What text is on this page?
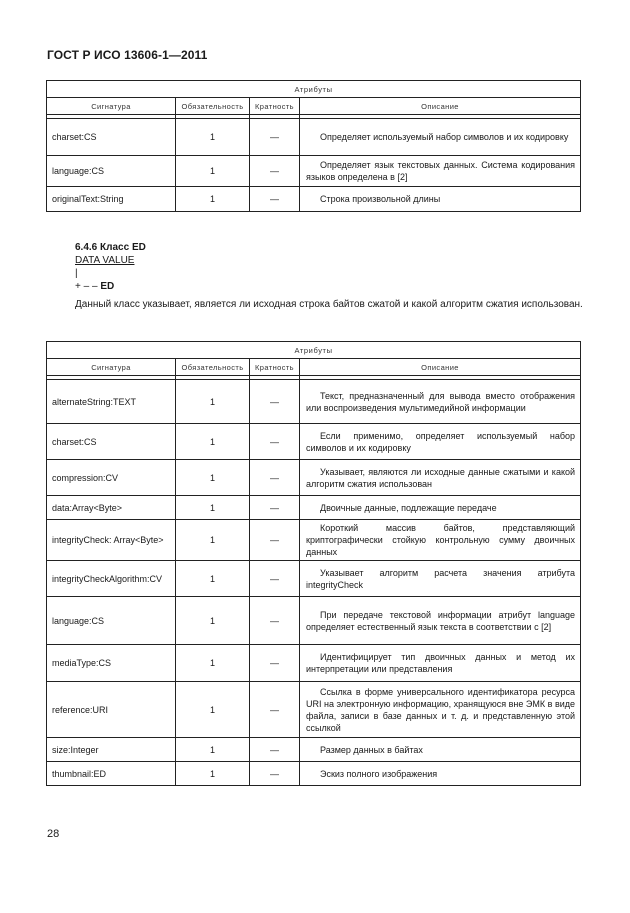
ГОСТ Р ИСО 13606-1—2011
Атрибуты			
Сигнатура	Обязательность	Кратность	Описание

charset:CS	1	—	Определяет используемый набор символов и их кодировку
language:CS	1	—	Определяет язык текстовых данных. Система кодирования языков определена в [2]
originalText:String	1	—	Строка произвольной длины
6.4.6 Класс ED
DATA VALUE
|
+ – – ED
Данный класс указывает, является ли исходная строка байтов сжатой и какой алгоритм сжатия использован.
Атрибуты			
Сигнатура	Обязательность	Кратность	Описание

alternateString:TEXT	1	—	Текст, предназначенный для вывода вместо отображения или воспроизведения мультимедийной информации
charset:CS	1	—	Если применимо, определяет используемый набор символов и их кодировку
compression:CV	1	—	Указывает, являются ли исходные данные сжатыми и какой алгоритм сжатия использован
data:Array<Byte>	1	—	Двоичные данные, подлежащие передаче
integrityCheck: Array<Byte>	1	—	Короткий массив байтов, представляющий криптографически стойкую контрольную сумму двоичных данных
integrityCheckAlgorithm:CV	1	—	Указывает алгоритм расчета значения атрибута integrityCheck
language:CS	1	—	При передаче текстовой информации атрибут language определяет естественный язык текста в соответствии с [2]
mediaType:CS	1	—	Идентифицирует тип двоичных данных и метод их интерпретации или представления
reference:URI	1	—	Ссылка в форме универсального идентификатора ресурса URI на электронную информацию, хранящуюся вне ЭМК в виде файла, записи в базе данных и т. д. и представленную этой ссылкой
size:Integer	1	—	Размер данных в байтах
thumbnail:ED	1	—	Эскиз полного изображения
28
